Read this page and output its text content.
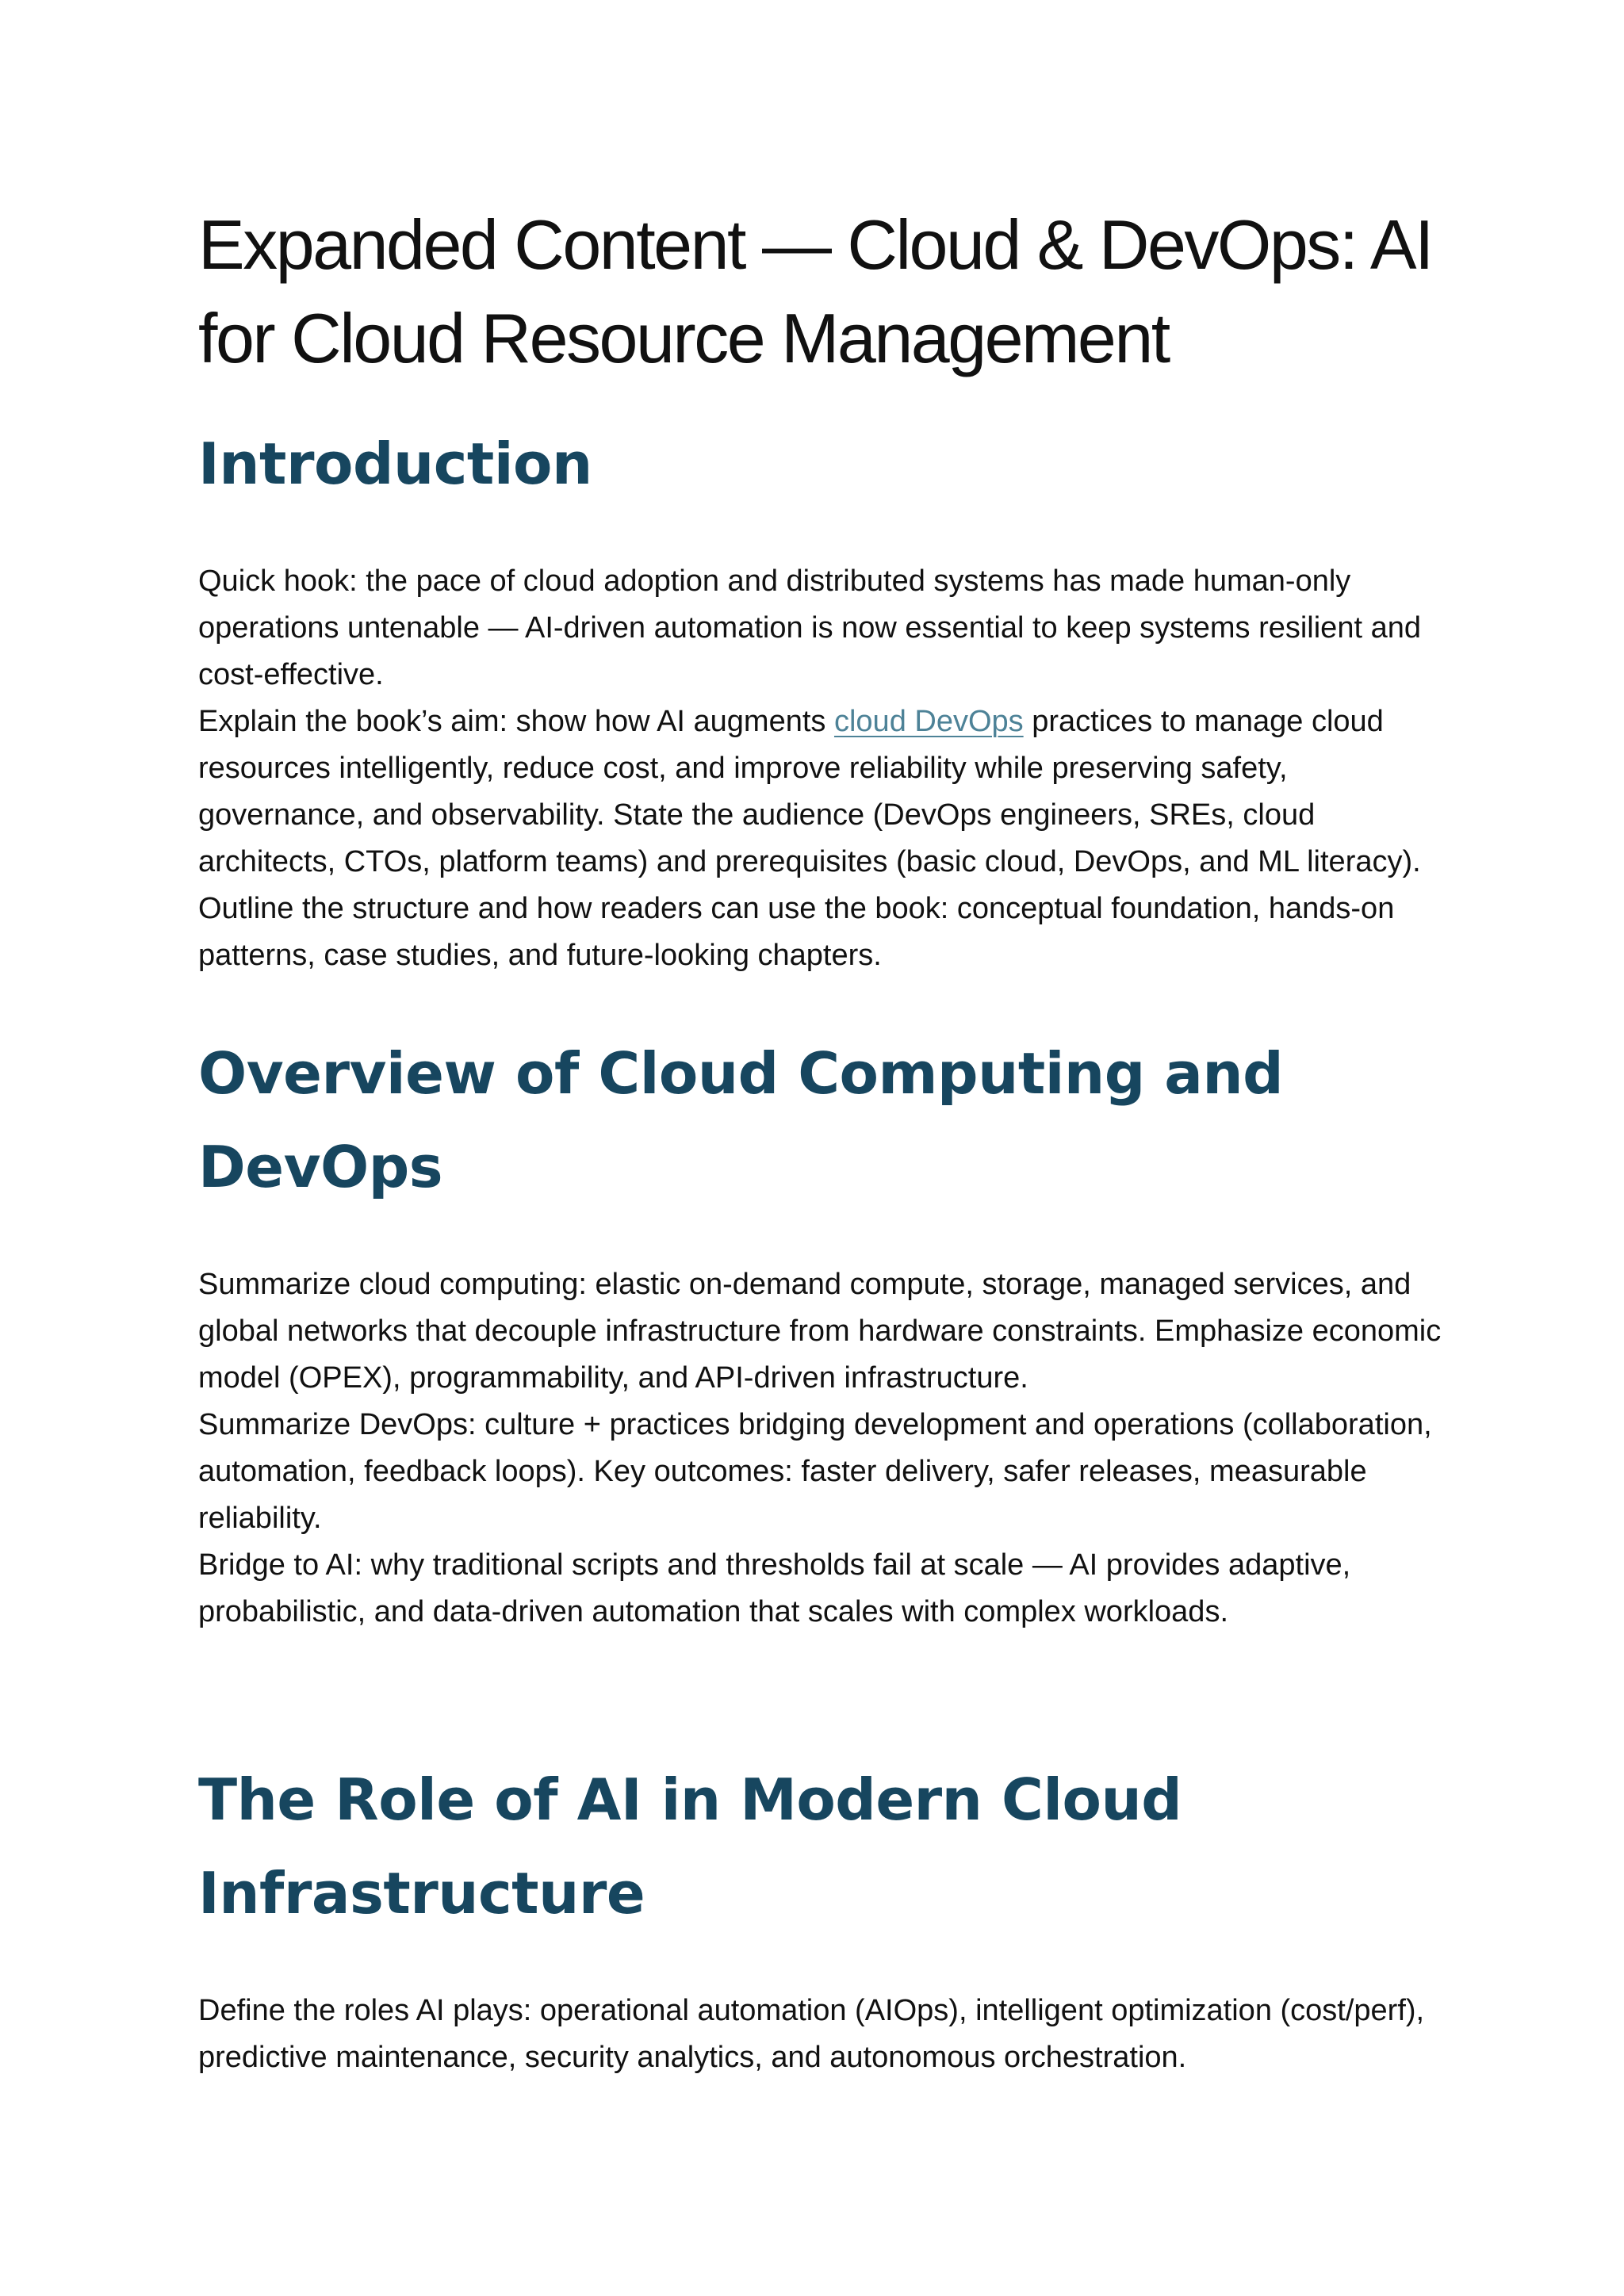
Expanded Content — Cloud & DevOps: AI for Cloud Resource Management
Introduction
Quick hook: the pace of cloud adoption and distributed systems has made human-only operations untenable — AI-driven automation is now essential to keep systems resilient and cost-effective.
Explain the book’s aim: show how AI augments cloud DevOps practices to manage cloud resources intelligently, reduce cost, and improve reliability while preserving safety, governance, and observability. State the audience (DevOps engineers, SREs, cloud architects, CTOs, platform teams) and prerequisites (basic cloud, DevOps, and ML literacy). Outline the structure and how readers can use the book: conceptual foundation, hands-on patterns, case studies, and future-looking chapters.
Overview of Cloud Computing and DevOps
Summarize cloud computing: elastic on-demand compute, storage, managed services, and global networks that decouple infrastructure from hardware constraints. Emphasize economic model (OPEX), programmability, and API-driven infrastructure.
Summarize DevOps: culture + practices bridging development and operations (collaboration, automation, feedback loops). Key outcomes: faster delivery, safer releases, measurable reliability.
Bridge to AI: why traditional scripts and thresholds fail at scale — AI provides adaptive, probabilistic, and data-driven automation that scales with complex workloads.
The Role of AI in Modern Cloud Infrastructure
Define the roles AI plays: operational automation (AIOps), intelligent optimization (cost/perf), predictive maintenance, security analytics, and autonomous orchestration.
